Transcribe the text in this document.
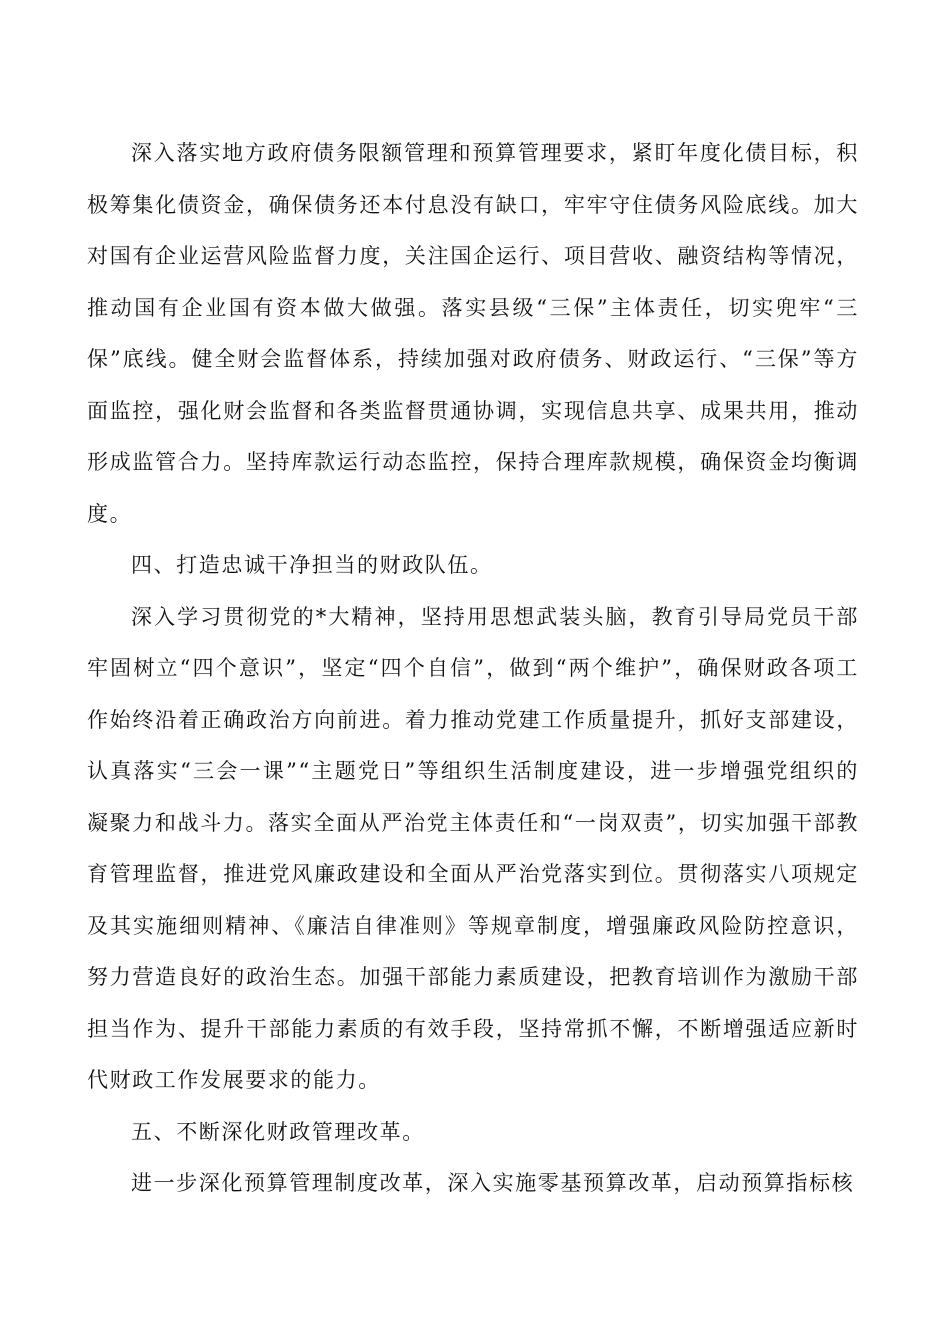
深入落实地方政府债务限额管理和预算管理要求，紧盯年度化债目标，积极筹集化债资金，确保债务还本付息没有缺口，牢牢守住债务风险底线。加大对国有企业运营风险监督力度，关注国企运行、项目营收、融资结构等情况，推动国有企业国有资本做大做强。落实县级“三保”主体责任，切实兜牢“三保”底线。健全财会监督体系，持续加强对政府债务、财政运行、“三保”等方面监控，强化财会监督和各类监督贯通协调，实现信息共享、成果共用，推动形成监管合力。坚持库款运行动态监控，保持合理库款规模，确保资金均衡调度。

四、打造忠诚干净担当的财政队伍。

深入学习贯彻党的*大精神，坚持用思想武装头脑，教育引导局党员干部牢固树立“四个意识”，坚定“四个自信”，做到“两个维护”，确保财政各项工作始终沿着正确政治方向前进。着力推动党建工作质量提升，抓好支部建设，认真落实“三会一课”“主题党日”等组织生活制度建设，进一步增强党组织的凝聚力和战斗力。落实全面从严治党主体责任和“一岗双责”，切实加强干部教育管理监督，推进党风廉政建设和全面从严治党落实到位。贯彻落实八项规定及其实施细则精神、《廉洁自律准则》等规章制度，增强廉政风险防控意识，努力营造良好的政治生态。加强干部能力素质建设，把教育培训作为激励干部担当作为、提升干部能力素质的有效手段，坚持常抓不懈，不断增强适应新时代财政工作发展要求的能力。

五、不断深化财政管理改革。

进一步深化预算管理制度改革，深入实施零基预算改革，启动预算指标核
